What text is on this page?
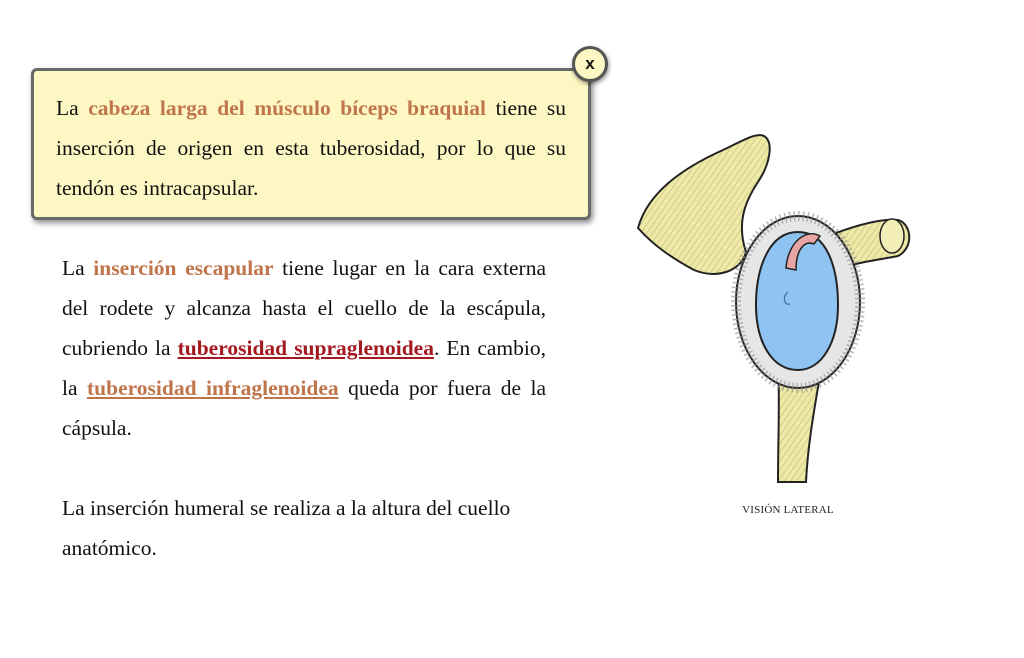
La cabeza larga del músculo bíceps braquial tiene su inserción de origen en esta tuberosidad, por lo que su tendón es intracapsular.
x

La inserción escapular tiene lugar en la cara externa del rodete y alcanza hasta el cuello de la escápula, cubriendo la tuberosidad supraglenoidea. En cambio, la tuberosidad infraglenoidea queda por fuera de la cápsula.

La inserción humeral se realiza a la altura del cuello anatómico.

VISIÓN LATERAL
